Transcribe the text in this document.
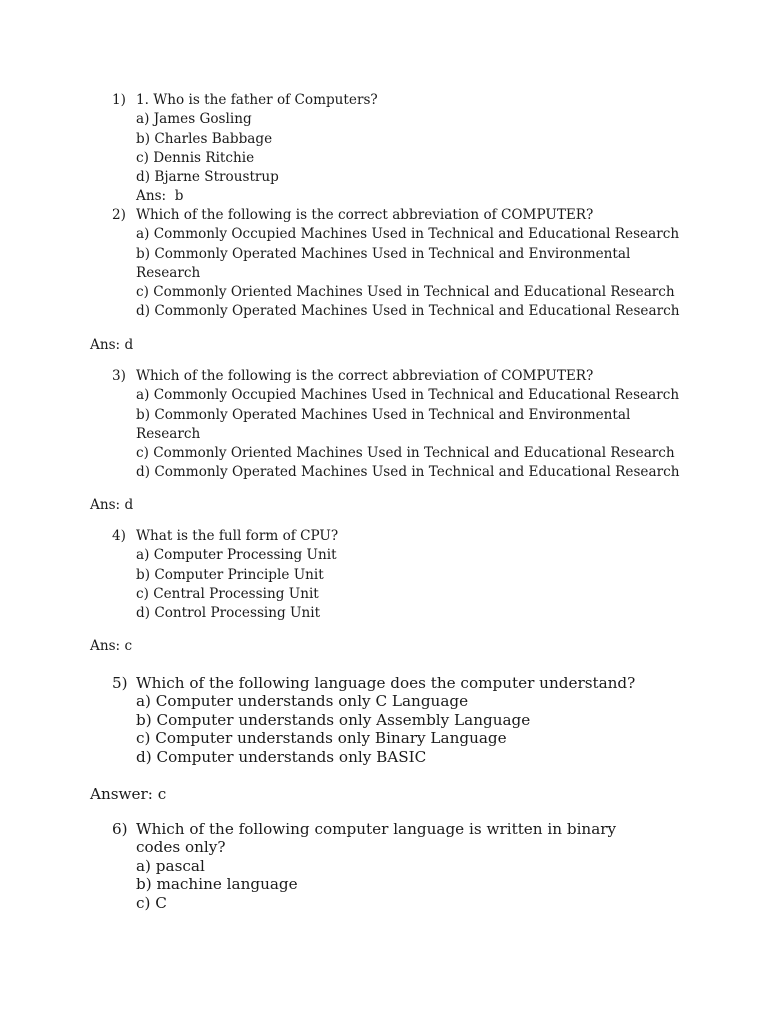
1) 1. Who is the father of Computers?
a) James Gosling
b) Charles Babbage
c) Dennis Ritchie
d) Bjarne Stroustrup
Ans:  b
2) Which of the following is the correct abbreviation of COMPUTER?
a) Commonly Occupied Machines Used in Technical and Educational Research
b) Commonly Operated Machines Used in Technical and Environmental Research
c) Commonly Oriented Machines Used in Technical and Educational Research
d) Commonly Operated Machines Used in Technical and Educational Research
Ans: d
3) Which of the following is the correct abbreviation of COMPUTER?
a) Commonly Occupied Machines Used in Technical and Educational Research
b) Commonly Operated Machines Used in Technical and Environmental Research
c) Commonly Oriented Machines Used in Technical and Educational Research
d) Commonly Operated Machines Used in Technical and Educational Research
Ans: d
4) What is the full form of CPU?
a) Computer Processing Unit
b) Computer Principle Unit
c) Central Processing Unit
d) Control Processing Unit
Ans: c
5) Which of the following language does the computer understand?
a) Computer understands only C Language
b) Computer understands only Assembly Language
c) Computer understands only Binary Language
d) Computer understands only BASIC
Answer: c
6) Which of the following computer language is written in binary codes only?
a) pascal
b) machine language
c) C
